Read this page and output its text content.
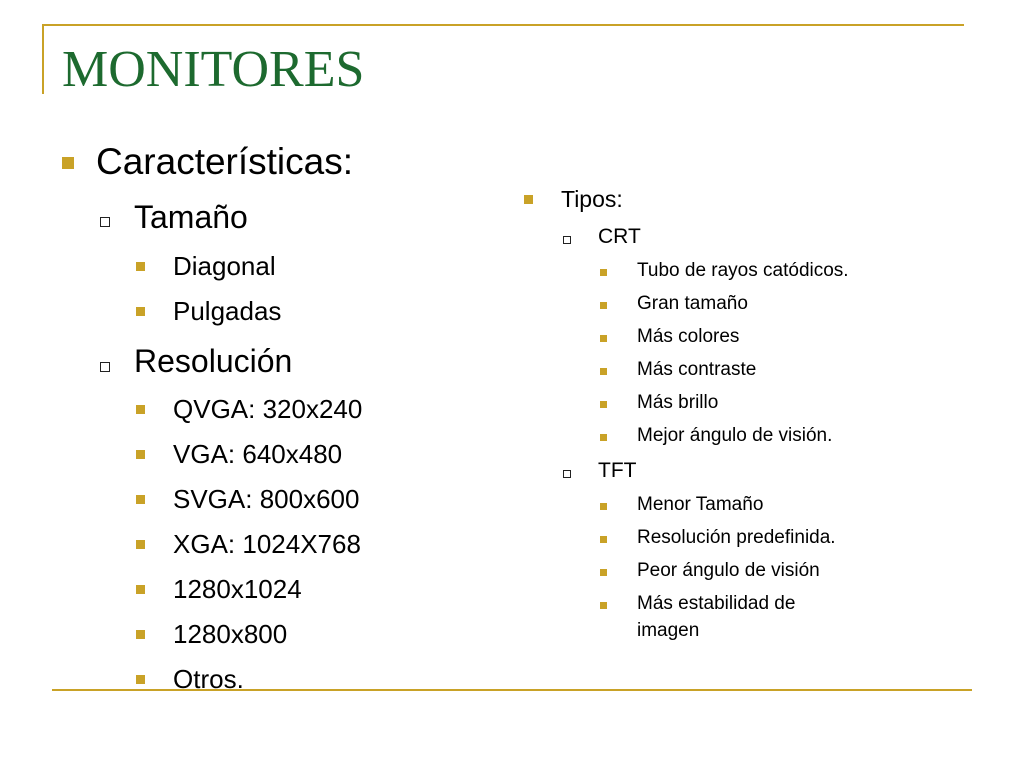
MONITORES
Características:
Tamaño
Diagonal
Pulgadas
Resolución
QVGA: 320x240
VGA: 640x480
SVGA: 800x600
XGA: 1024X768
1280x1024
1280x800
Otros.
Tipos:
CRT
Tubo de rayos catódicos.
Gran tamaño
Más colores
Más contraste
Más brillo
Mejor ángulo de visión.
TFT
Menor Tamaño
Resolución predefinida.
Peor ángulo de visión
Más estabilidad de
imagen
